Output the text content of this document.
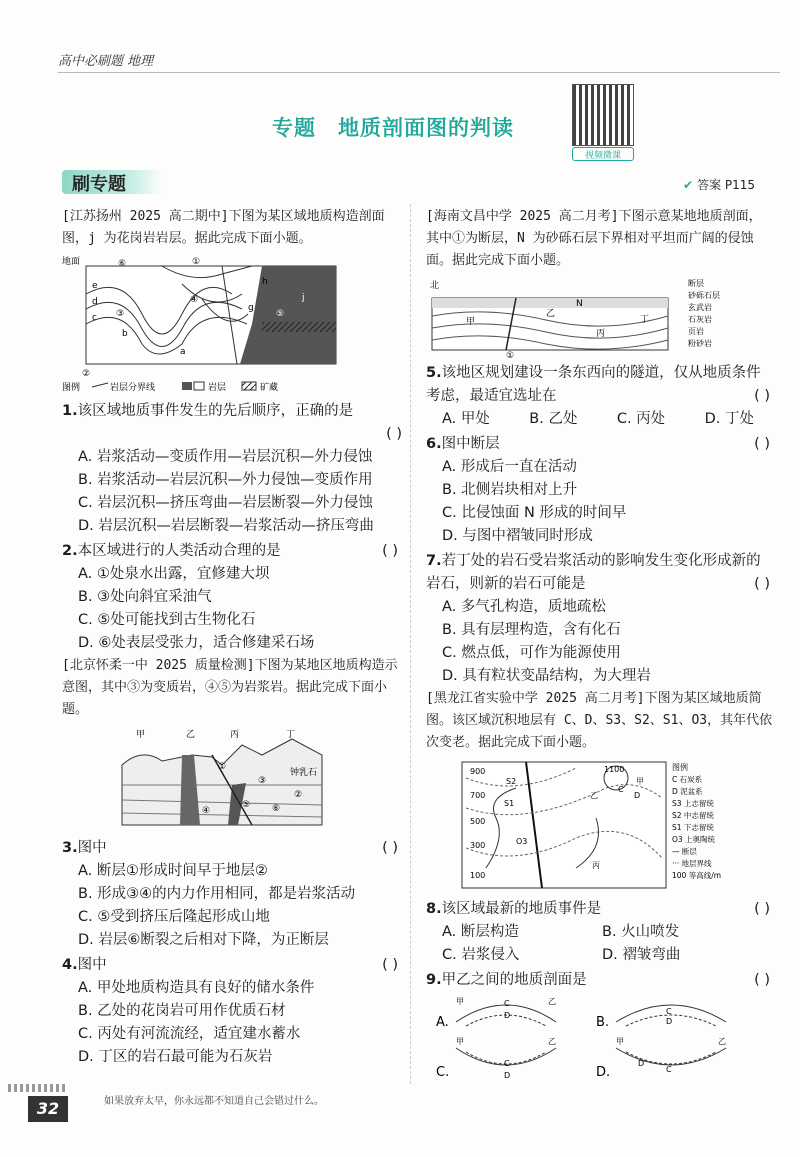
高中必刷题 地理
专题 地质剖面图的判读
视频微课
刷专题	✔ 答案 P115
[江苏扬州 2025 高二期中]下图为某区域地质构造剖面图，j 为花岗岩岩层。据此完成下面小题。
地面
e
d
c
b
a
h
g
j
①
②
③
④
⑤
⑥
图例	岩层分界线	岩层	矿藏
1.该区域地质事件发生的先后顺序，正确的是
( )
A. 岩浆活动—变质作用—岩层沉积—外力侵蚀
B. 岩浆活动—岩层沉积—外力侵蚀—变质作用
C. 岩层沉积—挤压弯曲—岩层断裂—外力侵蚀
D. 岩层沉积—岩层断裂—岩浆活动—挤压弯曲
2.本区域进行的人类活动合理的是	( )
A. ①处泉水出露，宜修建大坝
B. ③处向斜宜采油气
C. ⑤处可能找到古生物化石
D. ⑥处表层受张力，适合修建采石场
[北京怀柔一中 2025 质量检测]下图为某地区地质构造示意图，其中③为变质岩，④⑤为岩浆岩。据此完成下面小题。
甲	乙	丙	丁
钟乳石
①
②
③
④
⑤ ⑥
3.图中	( )
A. 断层①形成时间早于地层②
B. 形成③④的内力作用相同，都是岩浆活动
C. ⑤受到挤压后隆起形成山地
D. 岩层⑥断裂之后相对下降，为正断层
4.图中	( )
A. 甲处地质构造具有良好的储水条件
B. 乙处的花岗岩可用作优质石材
C. 丙处有河流流经，适宜建水蓄水
D. 丁区的岩石最可能为石灰岩
[海南文昌中学 2025 高二月考]下图示意某地地质剖面，其中①为断层，N 为砂砾石层下界相对平坦而广阔的侵蚀面。据此完成下面小题。
北
甲
乙
丙
丁
N
①
断层
砂砾石层
玄武岩
石灰岩
页岩
粉砂岩
5.该地区规划建设一条东西向的隧道，仅从地质条件考虑，最适宜选址在	( )
A. 甲处	B. 乙处	C. 丙处	D. 丁处
6.图中断层	( )
A. 形成后一直在活动
B. 北侧岩块相对上升
C. 比侵蚀面 N 形成的时间早
D. 与图中褶皱同时形成
7.若丁处的岩石受岩浆活动的影响发生变化形成新的岩石，则新的岩石可能是	( )
A. 多气孔构造，质地疏松
B. 具有层理构造，含有化石
C. 燃点低，可作为能源使用
D. 具有粒状变晶结构，为大理岩
[黑龙江省实验中学 2025 高二月考]下图为某区域地质简图。该区域沉积地层有 C、D、S3、S2、S1、O3，其年代依次变老。据此完成下面小题。
900
700
500
300
100
1100
S2
S1
O3
C
D
甲
乙
丙
图例
C 石炭系
D 泥盆系
S3 上志留统
S2 中志留统
S1 下志留统
O3 上奥陶统
— 断层
··· 地层界线
100 等高线/m
8.该区域最新的地质事件是	( )
A. 断层构造	B. 火山喷发
C. 岩浆侵入	D. 褶皱弯曲
9.甲乙之间的地质剖面是	( )

A.
甲	乙
C
D	B.
C
D
C.
甲	乙
C
D	D.
甲	乙
C
D
32	如果放弃太早，你永远都不知道自己会错过什么。
